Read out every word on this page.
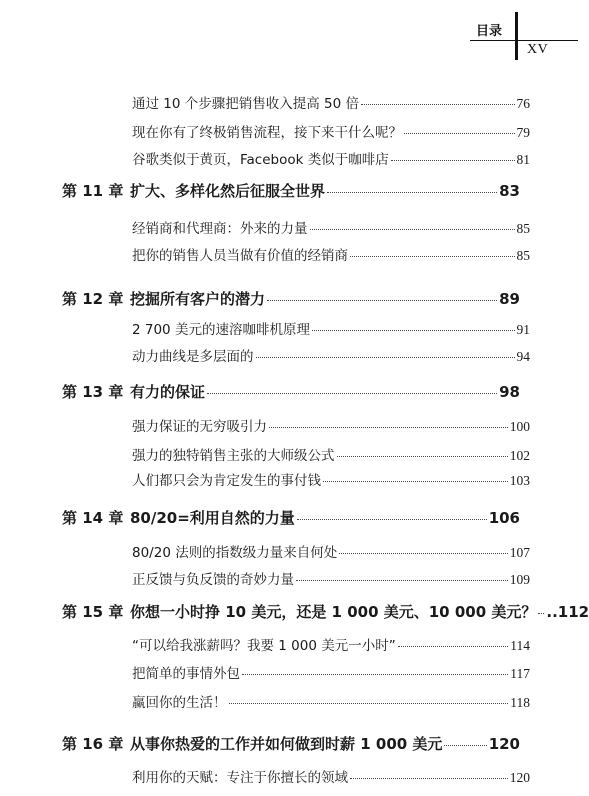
目录
XV
通过 10 个步骤把销售收入提高 50 倍	76
现在你有了终极销售流程，接下来干什么呢？	79
谷歌类似于黄页，Facebook 类似于咖啡店	81
第 11 章 扩大、多样化然后征服全世界	83
经销商和代理商：外来的力量	85
把你的销售人员当做有价值的经销商	85
第 12 章 挖掘所有客户的潜力	89
2 700 美元的速溶咖啡机原理	91
动力曲线是多层面的	94
第 13 章 有力的保证	98
强力保证的无穷吸引力	100
强力的独特销售主张的大师级公式	102
人们都只会为肯定发生的事付钱	103
第 14 章 80/20=利用自然的力量	106
80/20 法则的指数级力量来自何处	107
正反馈与负反馈的奇妙力量	109
第 15 章 你想一小时挣 10 美元，还是 1 000 美元、10 000 美元？ ..112
“可以给我涨薪吗？我要 1 000 美元一小时”	114
把简单的事情外包	117
赢回你的生活！	118
第 16 章 从事你热爱的工作并如何做到时薪 1 000 美元	120
利用你的天赋：专注于你擅长的领域	120
